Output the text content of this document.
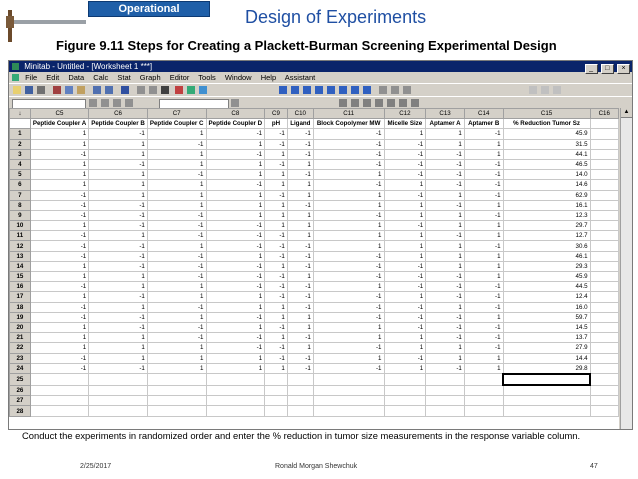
Operational Excellence	Design of Experiments
Figure 9.11 Steps for Creating a Plackett-Burman Screening Experimental Design
Minitab - Untitled - [Worksheet 1 ***]	_ □ ×
File Edit Data Calc Stat Graph Editor Tools Window Help Assistant
↓	C5	C6	C7	C8	C9	C10	C11	C12	C13	C14	C15	C16
	Peptide Coupler A	Peptide Coupler B	Peptide Coupler C	Peptide Coupler D	pH	Ligand	Block Copolymer MW	Micelle Size	Aptamer A	Aptamer B	% Reduction Tumor Sz	
1	1	-1	1	-1	-1	-1	-1	1	1	-1	45.9	
2	1	1	-1	1	-1	-1	-1	-1	1	1	31.5	
3	-1	1	1	-1	1	-1	-1	-1	-1	1	44.1	
4	1	-1	1	1	-1	1	-1	-1	-1	-1	46.5	
5	1	1	-1	1	1	-1	1	-1	-1	-1	14.0	
6	1	1	1	-1	1	1	-1	1	-1	-1	14.6	
7	-1	1	1	1	-1	1	1	-1	1	-1	62.9	
8	-1	-1	1	1	1	-1	1	1	-1	1	16.1	
9	-1	-1	-1	1	1	1	-1	1	1	-1	12.3	
10	1	-1	-1	-1	1	1	1	-1	1	1	29.7	
11	-1	1	-1	-1	-1	1	1	1	-1	1	12.7	
12	-1	-1	1	-1	-1	-1	1	1	1	-1	30.6	
13	-1	-1	-1	1	-1	-1	-1	1	1	1	46.1	
14	1	-1	-1	-1	1	-1	-1	-1	1	1	29.3	
15	1	1	-1	-1	-1	1	-1	-1	-1	1	45.9	
16	-1	1	1	-1	-1	-1	1	-1	-1	-1	44.5	
17	1	-1	1	1	-1	-1	-1	1	-1	-1	12.4	
18	-1	1	-1	1	1	-1	-1	-1	1	-1	16.0	
19	-1	-1	1	-1	1	1	-1	-1	-1	1	59.7	
20	1	-1	-1	1	-1	1	1	-1	-1	-1	14.5	
21	1	1	-1	-1	1	-1	1	1	-1	-1	13.7	
22	1	1	1	-1	-1	1	-1	1	1	-1	27.9	
23	-1	1	1	1	-1	-1	1	-1	1	1	14.4	
24	-1	-1	1	1	1	-1	-1	1	-1	1	29.8	
25												
26												
27												
28												
▲
Conduct the experiments in randomized order and enter the % reduction in tumor size measurements in the response variable column.
2/25/2017	Ronald Morgan Shewchuk	47
